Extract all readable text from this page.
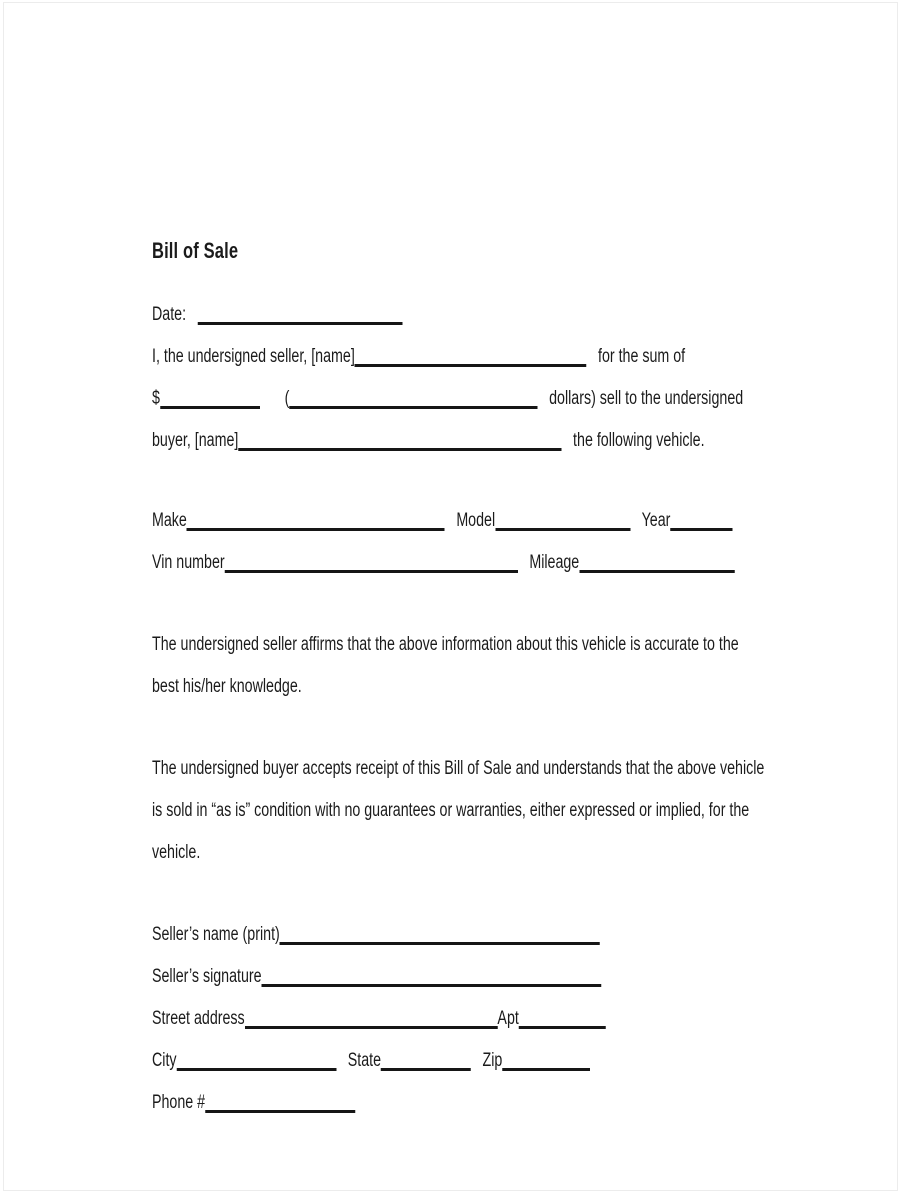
Bill of Sale
Date:
I, the undersigned seller, [name]	for the sum of
$	(	dollars) sell to the undersigned
buyer, [name]	the following vehicle.
Make	Model	Year
Vin number	Mileage
The undersigned seller affirms that the above information about this vehicle is accurate to the
best his/her knowledge.
The undersigned buyer accepts receipt of this Bill of Sale and understands that the above vehicle
is sold in “as is” condition with no guarantees or warranties, either expressed or implied, for the
vehicle.
Seller’s name (print)
Seller’s signature
Street address	Apt
City	State	Zip
Phone #
